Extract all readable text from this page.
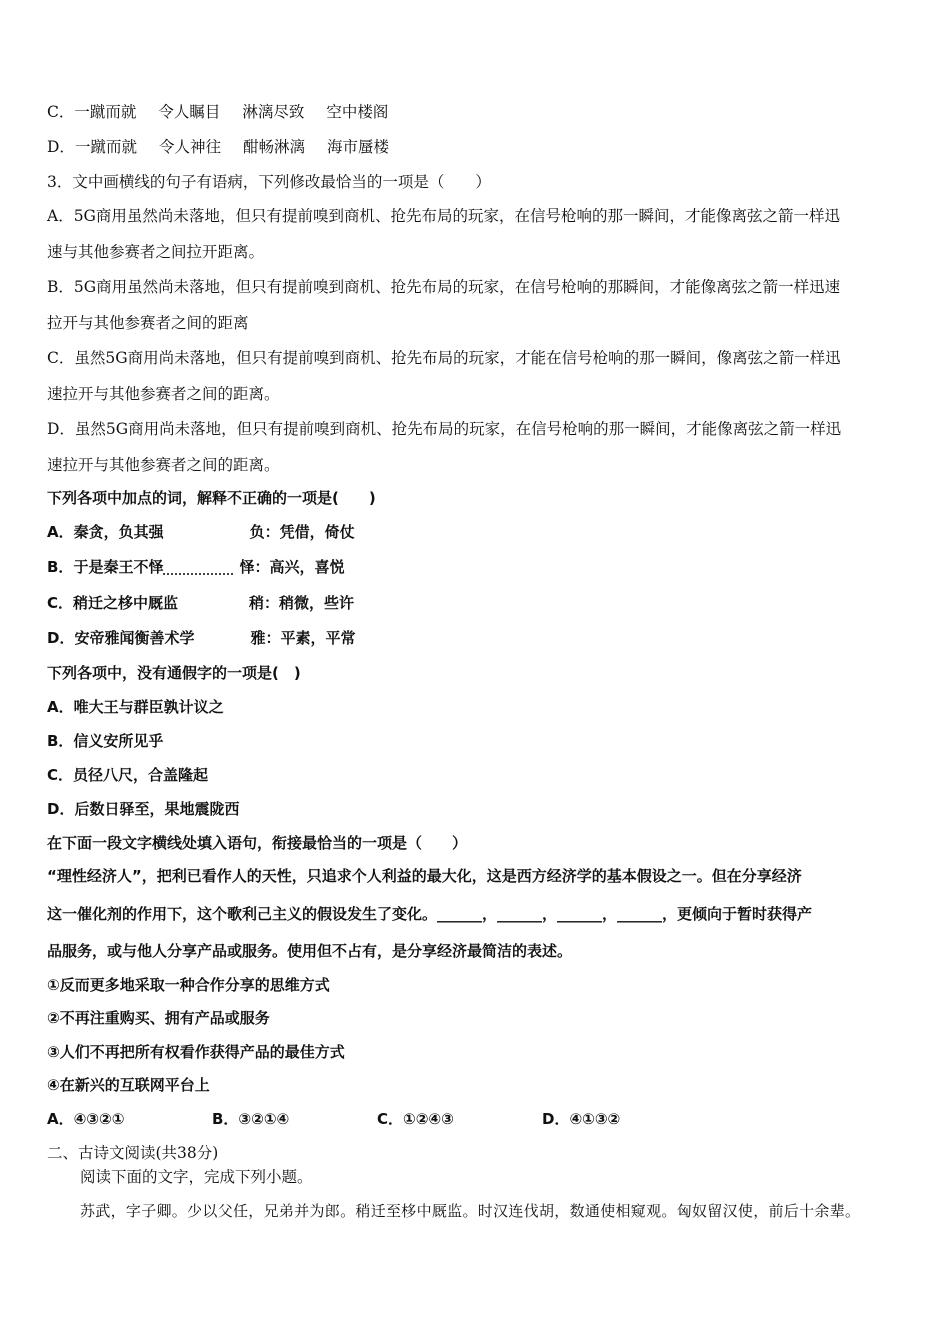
C．一蹴而就 令人瞩目 淋漓尽致 空中楼阁
D．一蹴而就 令人神往 酣畅淋漓 海市蜃楼
3．文中画横线的句子有语病，下列修改最恰当的一项是（　　）
A．5G商用虽然尚未落地，但只有提前嗅到商机、抢先布局的玩家，在信号枪响的那一瞬间，才能像离弦之箭一样迅
速与其他参赛者之间拉开距离。
B．5G商用虽然尚未落地，但只有提前嗅到商机、抢先布局的玩家，在信号枪响的那瞬间，才能像离弦之箭一样迅速
拉开与其他参赛者之间的距离
C．虽然5G商用尚未落地，但只有提前嗅到商机、抢先布局的玩家，才能在信号枪响的那一瞬间，像离弦之箭一样迅
速拉开与其他参赛者之间的距离。
D．虽然5G商用尚未落地，但只有提前嗅到商机、抢先布局的玩家，在信号枪响的那一瞬间，才能像离弦之箭一样迅
速拉开与其他参赛者之间的距离。
下列各项中加点的词，解释不正确的一项是(　　)
A．秦贪，负其强	负：凭借，倚仗
B．于是秦王不怿	怿：高兴，喜悦
C．稍迁之栘中厩监	稍：稍微，些许
D．安帝雅闻衡善术学	雅：平素，平常
下列各项中，没有通假字的一项是(　)
A．唯大王与群臣孰计议之
B．信义安所见乎
C．员径八尺，合盖隆起
D．后数日驿至，果地震陇西
在下面一段文字横线处填入语句，衔接最恰当的一项是（　　）
“理性经济人”，把利已看作人的天性，只追求个人利益的最大化，这是西方经济学的基本假设之一。但在分享经济
这一催化剂的作用下，这个歌利己主义的假设发生了变化。______，______，______，______，更倾向于暂时获得产
品服务，或与他人分享产品或服务。使用但不占有，是分享经济最简洁的表述。
①反而更多地采取一种合作分享的思维方式
②不再注重购买、拥有产品或服务
③人们不再把所有权看作获得产品的最佳方式
④在新兴的互联网平台上
A．④③②①	B．③②①④	C．①②④③	D．④①③②
二、古诗文阅读(共38分)
阅读下面的文字，完成下列小题。
苏武，字子卿。少以父任，兄弟并为郎。稍迁至栘中厩监。时汉连伐胡，数通使相窥观。匈奴留汉使，前后十余辈。
